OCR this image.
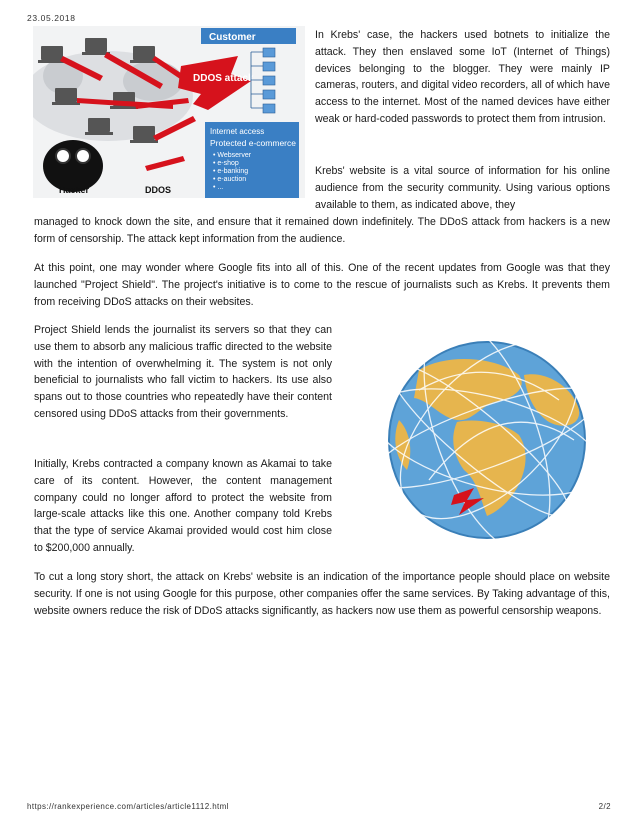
23.05.2018
DDOS attack
Customer
Internet access
Protected e-commerce
• Webserver
• e-shop
• e-banking
• e-auction
• ...
Hacker	DDOS

In Krebs' case, the hackers used botnets to initialize the attack. They then enslaved some IoT (Internet of Things) devices belonging to the blogger. They were mainly IP cameras, routers, and digital video recorders, all of which have access to the internet. Most of the named devices have either weak or hard-coded passwords to protect them from intrusion.

Krebs' website is a vital source of information for his online audience from the security community. Using various options available to them, as indicated above, they

managed to knock down the site, and ensure that it remained down indefinitely. The DDoS attack from hackers is a new form of censorship. The attack kept information from the audience.

At this point, one may wonder where Google fits into all of this. One of the recent updates from Google was that they launched "Project Shield". The project's initiative is to come to the rescue of journalists such as Krebs. It prevents them from receiving DDoS attacks on their websites.

Project Shield lends the journalist its servers so that they can use them to absorb any malicious traffic directed to the website with the intention of overwhelming it. The system is not only beneficial to journalists who fall victim to hackers. Its use also spans out to those countries who repeatedly have their content censored using DDoS attacks from their governments.

Initially, Krebs contracted a company known as Akamai to take care of its content. However, the content management company could no longer afford to protect the website from large-scale attacks like this one. Another company told Krebs that the type of service Akamai provided would cost him close to $200,000 annually.

To cut a long story short, the attack on Krebs' website is an indication of the importance people should place on website security. If one is not using Google for this purpose, other companies offer the same services. By Taking advantage of this, website owners reduce the risk of DDoS attacks significantly, as hackers now use them as powerful censorship weapons.

https://rankexperience.com/articles/article1112.html	2/2
